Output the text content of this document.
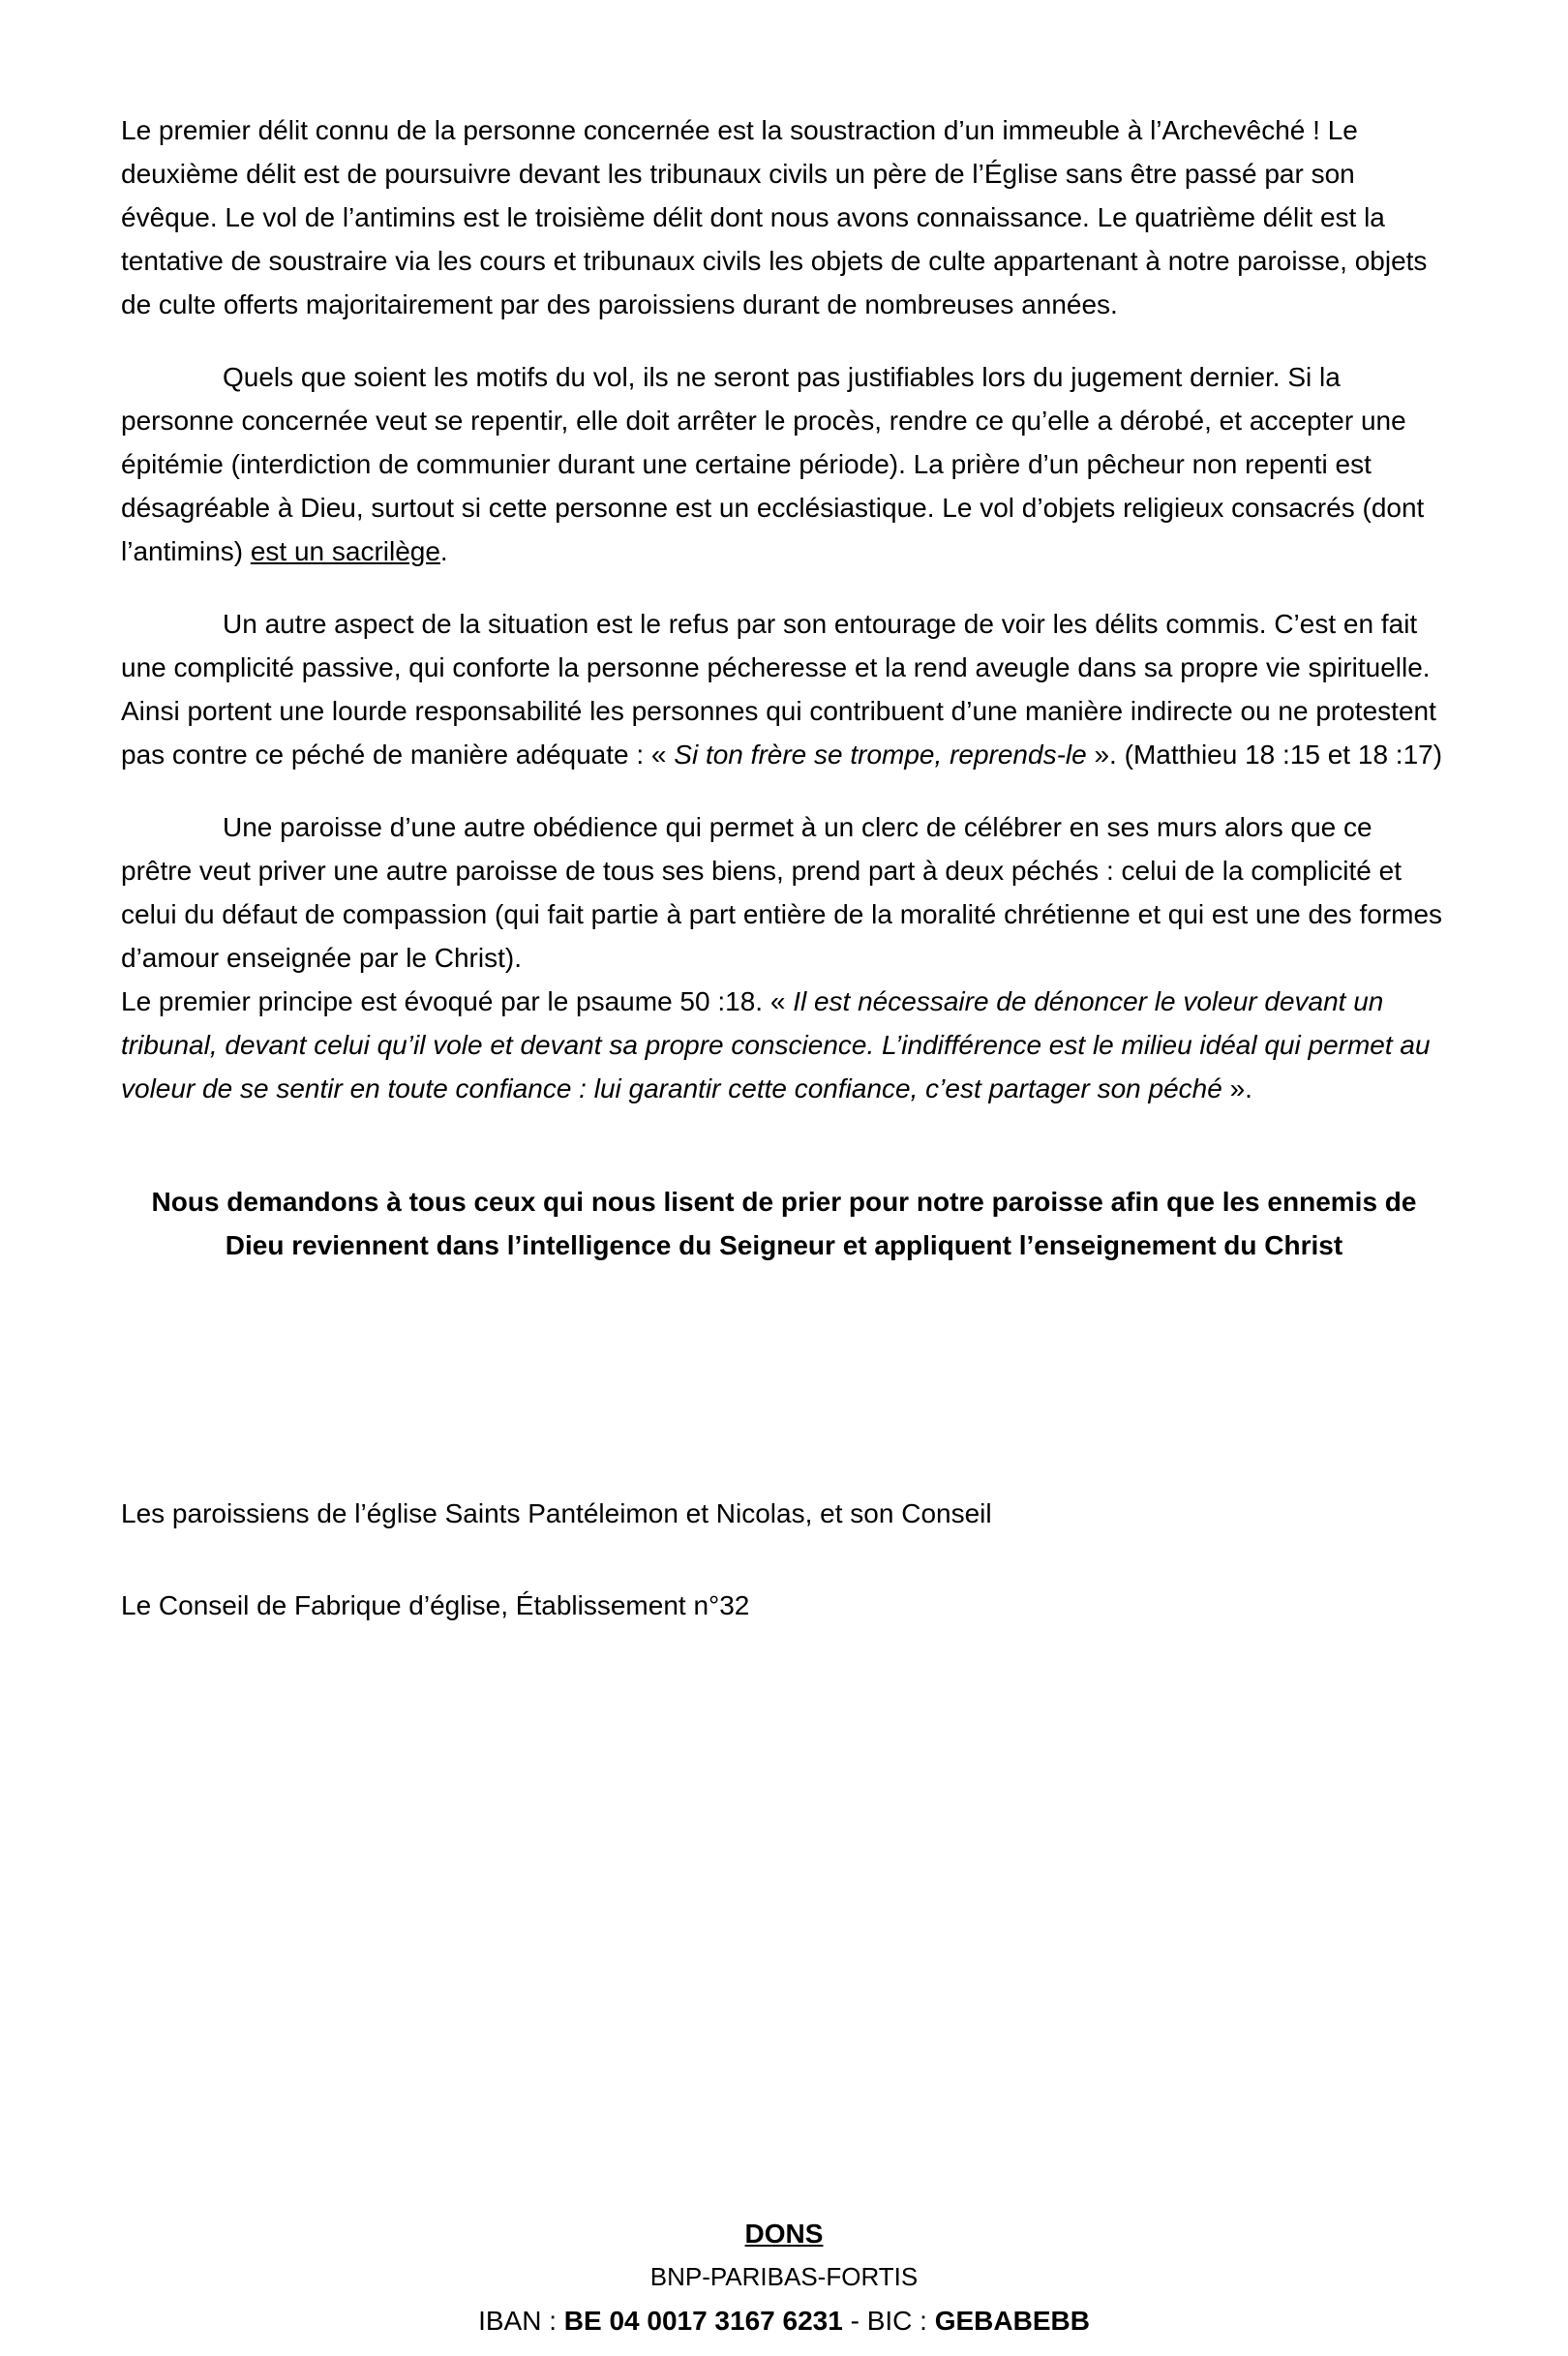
Le premier délit connu de la personne concernée est la soustraction d’un immeuble à l’Archevêché ! Le deuxième délit est de poursuivre devant les tribunaux civils un père de l’Église sans être passé par son évêque. Le vol de l’antimins est le troisième délit dont nous avons connaissance. Le quatrième délit est la tentative de soustraire via les cours et tribunaux civils les objets de culte appartenant à notre paroisse, objets de culte offerts majoritairement par des paroissiens durant de nombreuses années.

Quels que soient les motifs du vol, ils ne seront pas justifiables lors du jugement dernier. Si la personne concernée veut se repentir, elle doit arrêter le procès, rendre ce qu’elle a dérobé, et accepter une épitémie (interdiction de communier durant une certaine période). La prière d’un pêcheur non repenti est désagréable à Dieu, surtout si cette personne est un ecclésiastique. Le vol d’objets religieux consacrés (dont l’antimins) est un sacrilège.

Un autre aspect de la situation est le refus par son entourage de voir les délits commis. C’est en fait une complicité passive, qui conforte la personne pécheresse et la rend aveugle dans sa propre vie spirituelle. Ainsi portent une lourde responsabilité les personnes qui contribuent d’une manière indirecte ou ne protestent pas contre ce péché de manière adéquate : « Si ton frère se trompe, reprends-le ». (Matthieu 18 :15 et 18 :17)

Une paroisse d’une autre obédience qui permet à un clerc de célébrer en ses murs alors que ce prêtre veut priver une autre paroisse de tous ses biens, prend part à deux péchés : celui de la complicité et celui du défaut de compassion (qui fait partie à part entière de la moralité chrétienne et qui est une des formes d’amour enseignée par le Christ).
Le premier principe est évoqué par le psaume 50 :18. « Il est nécessaire de dénoncer le voleur devant un tribunal, devant celui qu’il vole et devant sa propre conscience. L’indifférence est le milieu idéal qui permet au voleur de se sentir en toute confiance : lui garantir cette confiance, c’est partager son péché ».

Nous demandons à tous ceux qui nous lisent de prier pour notre paroisse afin que les ennemis de Dieu reviennent dans l’intelligence du Seigneur et appliquent l’enseignement du Christ

Les paroissiens de l’église Saints Pantéleimon et Nicolas, et son Conseil

Le Conseil de Fabrique d’église, Établissement n°32

DONS

BNP-PARIBAS-FORTIS

IBAN : BE 04 0017 3167 6231 - BIC : GEBABEBB
